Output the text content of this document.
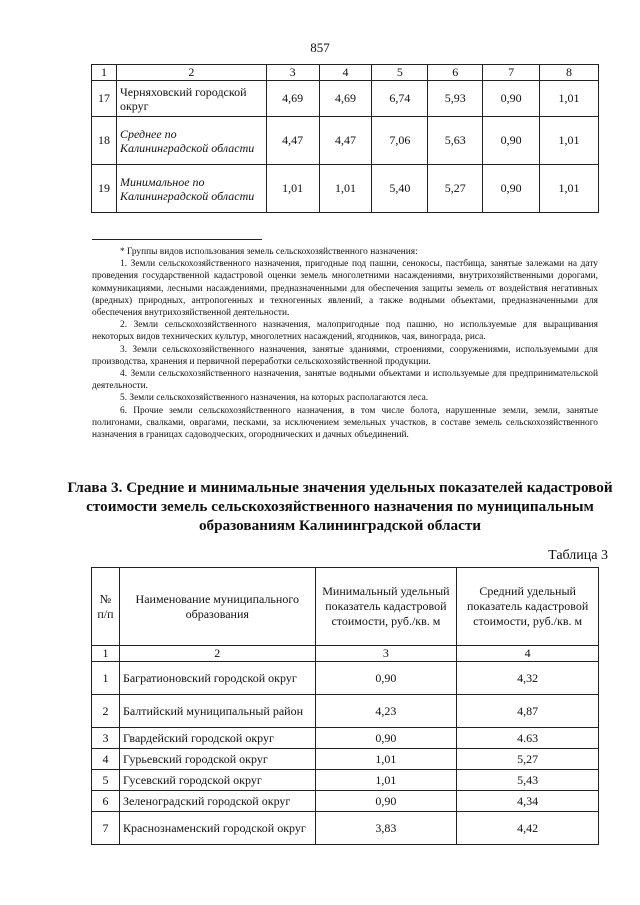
857
1	2	3	4	5	6	7	8
17	Черняховский городской округ	4,69	4,69	6,74	5,93	0,90	1,01
18	Среднее по Калининградской области	4,47	4,47	7,06	5,63	0,90	1,01
19	Минимальное по Калининградской области	1,01	1,01	5,40	5,27	0,90	1,01

* Группы видов использования земель сельскохозяйственного назначения:

1. Земли сельскохозяйственного назначения, пригодные под пашни, сенокосы, пастбища, занятые залежами на дату проведения государственной кадастровой оценки земель многолетними насаждениями, внутрихозяйственными дорогами, коммуникациями, лесными насаждениями, предназначенными для обеспечения защиты земель от воздействия негативных (вредных) природных, антропогенных и техногенных явлений, а также водными объектами, предназначенными для обеспечения внутрихозяйственной деятельности.

2. Земли сельскохозяйственного назначения, малопригодные под пашню, но используемые для выращивания некоторых видов технических культур, многолетних насаждений, ягодников, чая, винограда, риса.

3. Земли сельскохозяйственного назначения, занятые зданиями, строениями, сооружениями, используемыми для производства, хранения и первичной переработки сельскохозяйственной продукции.

4. Земли сельскохозяйственного назначения, занятые водными объектами и используемые для предпринимательской деятельности.

5. Земли сельскохозяйственного назначения, на которых располагаются леса.

6. Прочие земли сельскохозяйственного назначения, в том числе болота, нарушенные земли, земли, занятые полигонами, свалками, оврагами, песками, за исключением земельных участков, в составе земель сельскохозяйственного назначения в границах садоводческих, огороднических и дачных объединений.

Глава 3. Средние и минимальные значения удельных показателей кадастровой стоимости земель сельскохозяйственного назначения по муниципальным образованиям Калининградской области
Таблица 3
№ п/п	Наименование муниципального образования	Минимальный удельный показатель кадастровой стоимости, руб./кв. м	Средний удельный показатель кадастровой стоимости, руб./кв. м
1	2	3	4
1	Багратионовский городской округ	0,90	4,32
2	Балтийский муниципальный район	4,23	4,87
3	Гвардейский городской округ	0,90	4.63
4	Гурьевский городской округ	1,01	5,27
5	Гусевский городской округ	1,01	5,43
6	Зеленоградский городской округ	0,90	4,34
7	Краснознаменский городской округ	3,83	4,42
